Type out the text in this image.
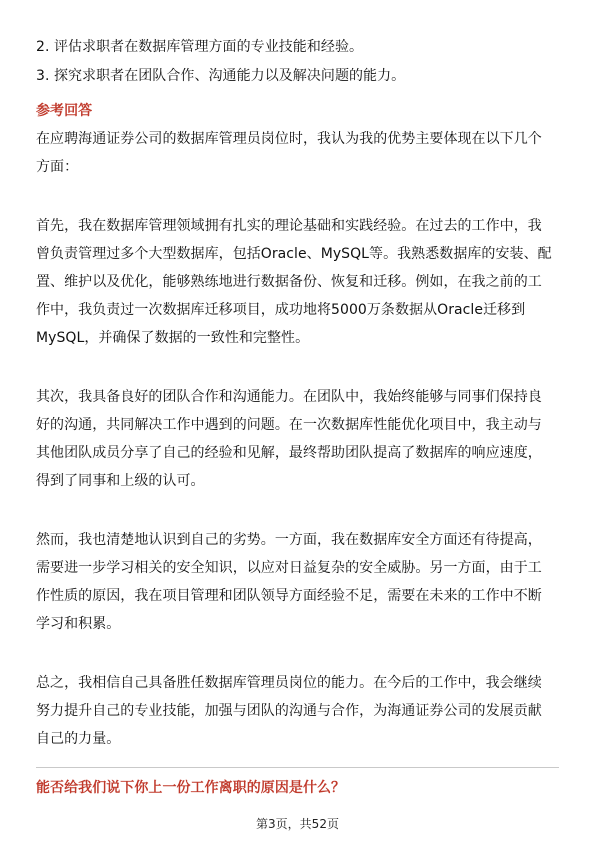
2. 评估求职者在数据库管理方面的专业技能和经验。
3. 探究求职者在团队合作、沟通能力以及解决问题的能力。
参考回答
在应聘海通证券公司的数据库管理员岗位时，我认为我的优势主要体现在以下几个
方面：
首先，我在数据库管理领域拥有扎实的理论基础和实践经验。在过去的工作中，我
曾负责管理过多个大型数据库，包括Oracle、MySQL等。我熟悉数据库的安装、配
置、维护以及优化，能够熟练地进行数据备份、恢复和迁移。例如，在我之前的工
作中，我负责过一次数据库迁移项目，成功地将5000万条数据从Oracle迁移到
MySQL，并确保了数据的一致性和完整性。
其次，我具备良好的团队合作和沟通能力。在团队中，我始终能够与同事们保持良
好的沟通，共同解决工作中遇到的问题。在一次数据库性能优化项目中，我主动与
其他团队成员分享了自己的经验和见解，最终帮助团队提高了数据库的响应速度，
得到了同事和上级的认可。
然而，我也清楚地认识到自己的劣势。一方面，我在数据库安全方面还有待提高，
需要进一步学习相关的安全知识，以应对日益复杂的安全威胁。另一方面，由于工
作性质的原因，我在项目管理和团队领导方面经验不足，需要在未来的工作中不断
学习和积累。
总之，我相信自己具备胜任数据库管理员岗位的能力。在今后的工作中，我会继续
努力提升自己的专业技能，加强与团队的沟通与合作，为海通证券公司的发展贡献
自己的力量。
能否给我们说下你上一份工作离职的原因是什么？
第3页，共52页
